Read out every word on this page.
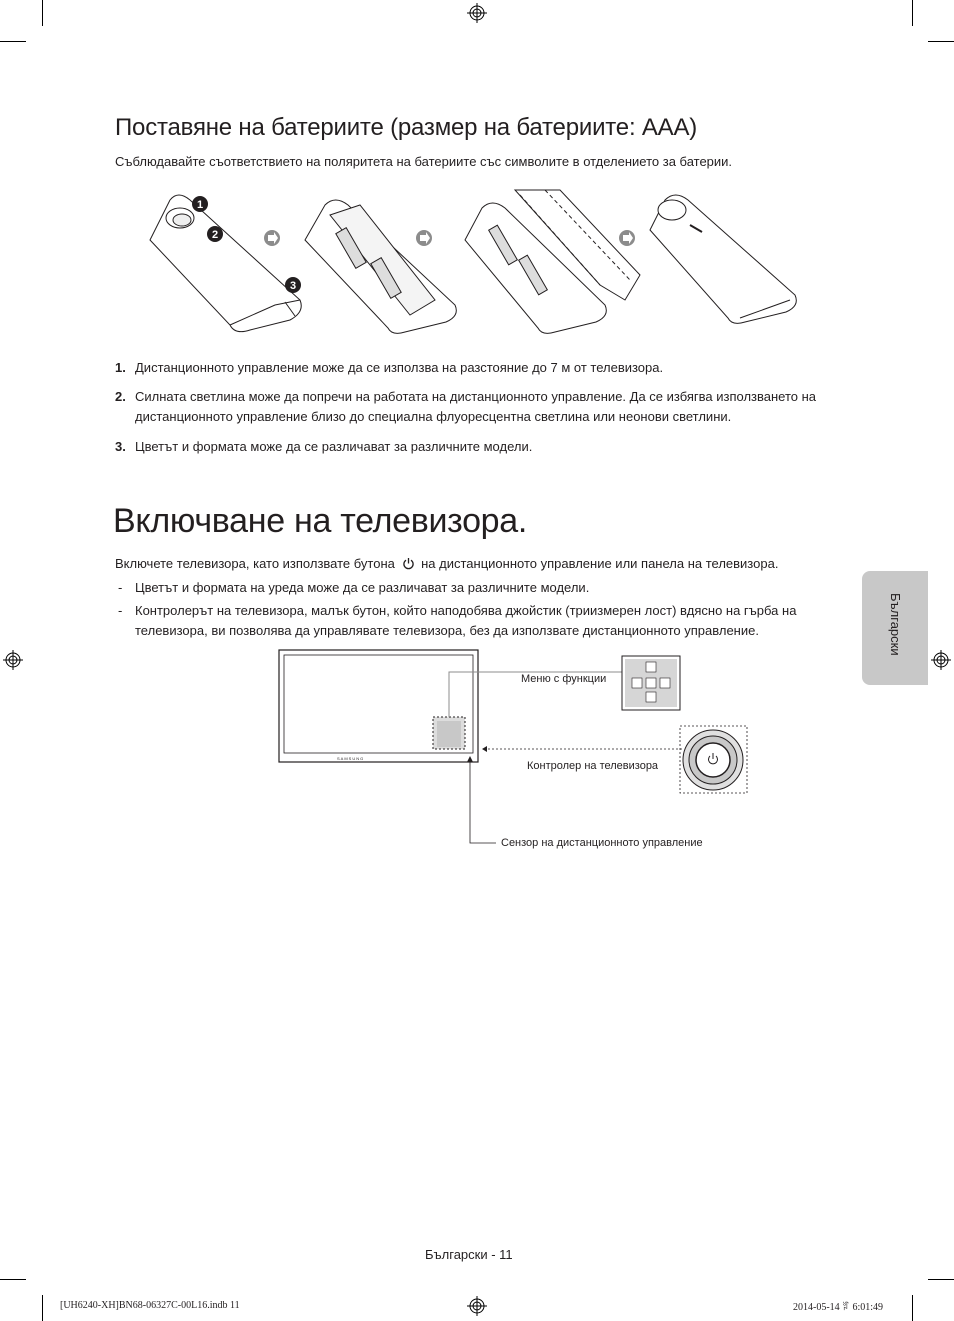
Поставяне на батериите (размер на батериите: AAA)
Съблюдавайте съответствието на поляритета на батериите със символите в отделението за батерии.
1
2
3
1. Дистанционното управление може да се използва на разстояние до 7 м от телевизора.
2. Силната светлина може да попречи на работата на дистанционното управление. Да се избягва използването на дистанционното управление близо до специална флуоресцентна светлина или неонови светлини.
3. Цветът и формата може да се различават за различните модели.
Включване на телевизора.
Включете телевизора, като използвате бутона на дистанционното управление или панела на телевизора.
- Цветът и формата на уреда може да се различават за различните модели.
- Контролерът на телевизора, малък бутон, който наподобява джойстик (триизмерен лост) вдясно на гърба на телевизора, ви позволява да управлявате телевизора, без да използвате дистанционното управление.
SAMSUNG
Меню с функции
Контролер на телевизора
Сензор на дистанционното управление
Български
Български - 11
[UH6240-XH]BN68-06327C-00L16.indb 11	2014-05-14 ꆍ 6:01:49
